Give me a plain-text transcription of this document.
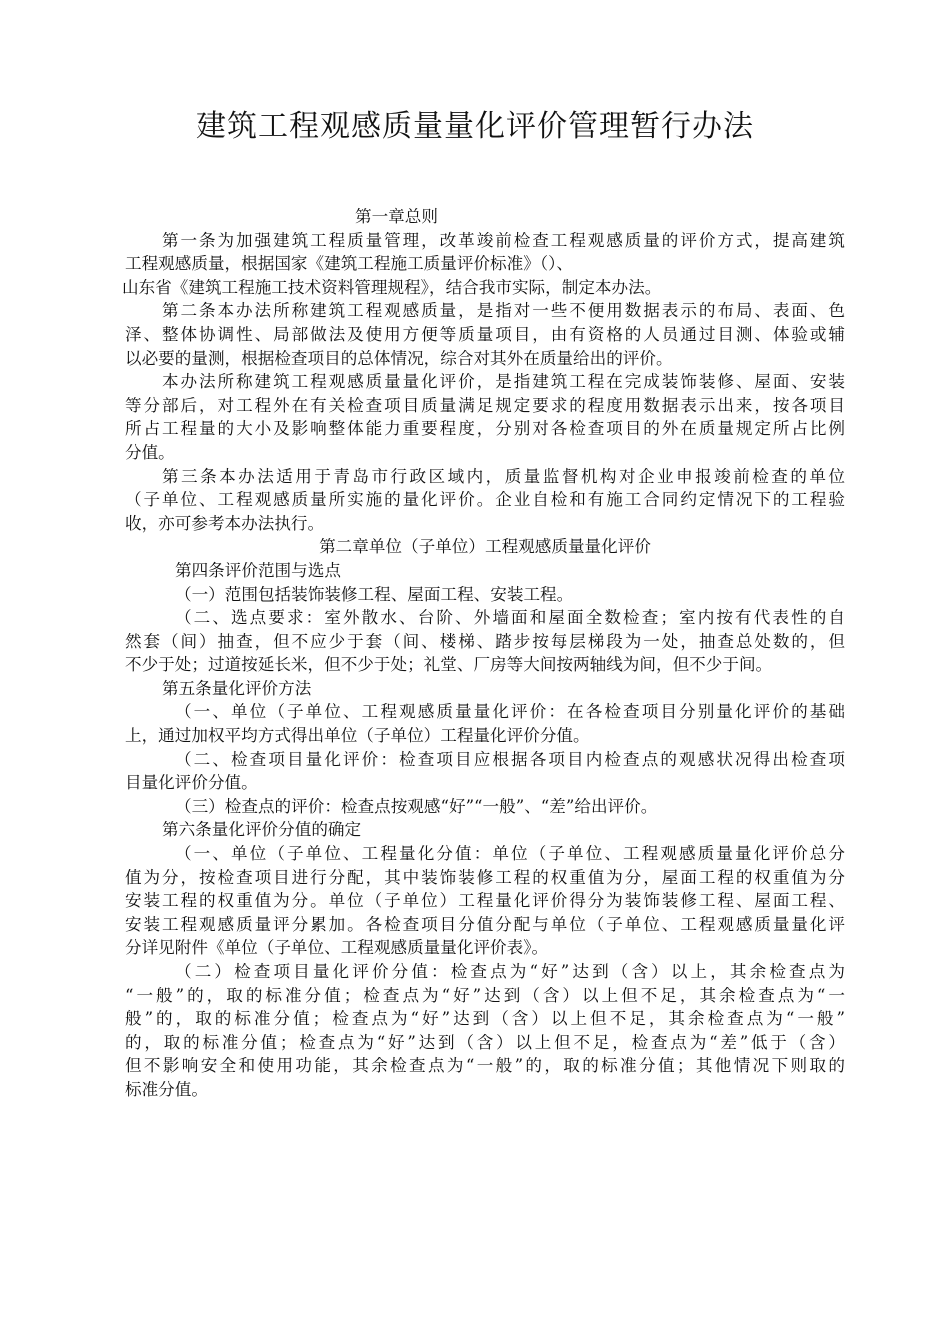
建筑工程观感质量量化评价管理暂行办法
第一章总则
第一条为加强建筑工程质量管理，改革竣前检查工程观感质量的评价方式，提高建筑
工程观感质量，根据国家《建筑工程施工质量评价标准》（）、
山东省《建筑工程施工技术资料管理规程》，结合我市实际，制定本办法。
第二条本办法所称建筑工程观感质量，是指对一些不便用数据表示的布局、表面、色
泽、整体协调性、局部做法及使用方便等质量项目，由有资格的人员通过目测、体验或辅
以必要的量测，根据检查项目的总体情况，综合对其外在质量给出的评价。
本办法所称建筑工程观感质量量化评价，是指建筑工程在完成装饰装修、屋面、安装
等分部后，对工程外在有关检查项目质量满足规定要求的程度用数据表示出来，按各项目
所占工程量的大小及影响整体能力重要程度，分别对各检查项目的外在质量规定所占比例
分值。
第三条本办法适用于青岛市行政区域内，质量监督机构对企业申报竣前检查的单位
（子单位、工程观感质量所实施的量化评价。企业自检和有施工合同约定情况下的工程验
收，亦可参考本办法执行。
第二章单位（子单位）工程观感质量量化评价
第四条评价范围与选点
（一）范围包括装饰装修工程、屋面工程、安装工程。
（二、选点要求：室外散水、台阶、外墙面和屋面全数检查；室内按有代表性的自
然套（间）抽查，但不应少于套（间、楼梯、踏步按每层梯段为一处，抽查总处数的，但
不少于处；过道按延长米，但不少于处；礼堂、厂房等大间按两轴线为间，但不少于间。
第五条量化评价方法
（一、单位（子单位、工程观感质量量化评价：在各检查项目分别量化评价的基础
上，通过加权平均方式得出单位（子单位）工程量化评价分值。
（二、检查项目量化评价：检查项目应根据各项目内检查点的观感状况得出检查项
目量化评价分值。
（三）检查点的评价：检查点按观感“好”“一般”、“差”给出评价。
第六条量化评价分值的确定
（一、单位（子单位、工程量化分值：单位（子单位、工程观感质量量化评价总分
值为分，按检查项目进行分配，其中装饰装修工程的权重值为分，屋面工程的权重值为分
安装工程的权重值为分。单位（子单位）工程量化评价得分为装饰装修工程、屋面工程、
安装工程观感质量评分累加。各检查项目分值分配与单位（子单位、工程观感质量量化评
分详见附件《单位（子单位、工程观感质量量化评价表》。
（二）检查项目量化评价分值：检查点为“好”达到（含）以上，其余检查点为
“一般”的，取的标准分值；检查点为“好”达到（含）以上但不足，其余检查点为“一
般”的，取的标准分值；检查点为“好”达到（含）以上但不足，其余检查点为“一般”
的，取的标准分值；检查点为“好”达到（含）以上但不足，检查点为“差”低于（含）
但不影响安全和使用功能，其余检查点为“一般”的，取的标准分值；其他情况下则取的
标准分值。
